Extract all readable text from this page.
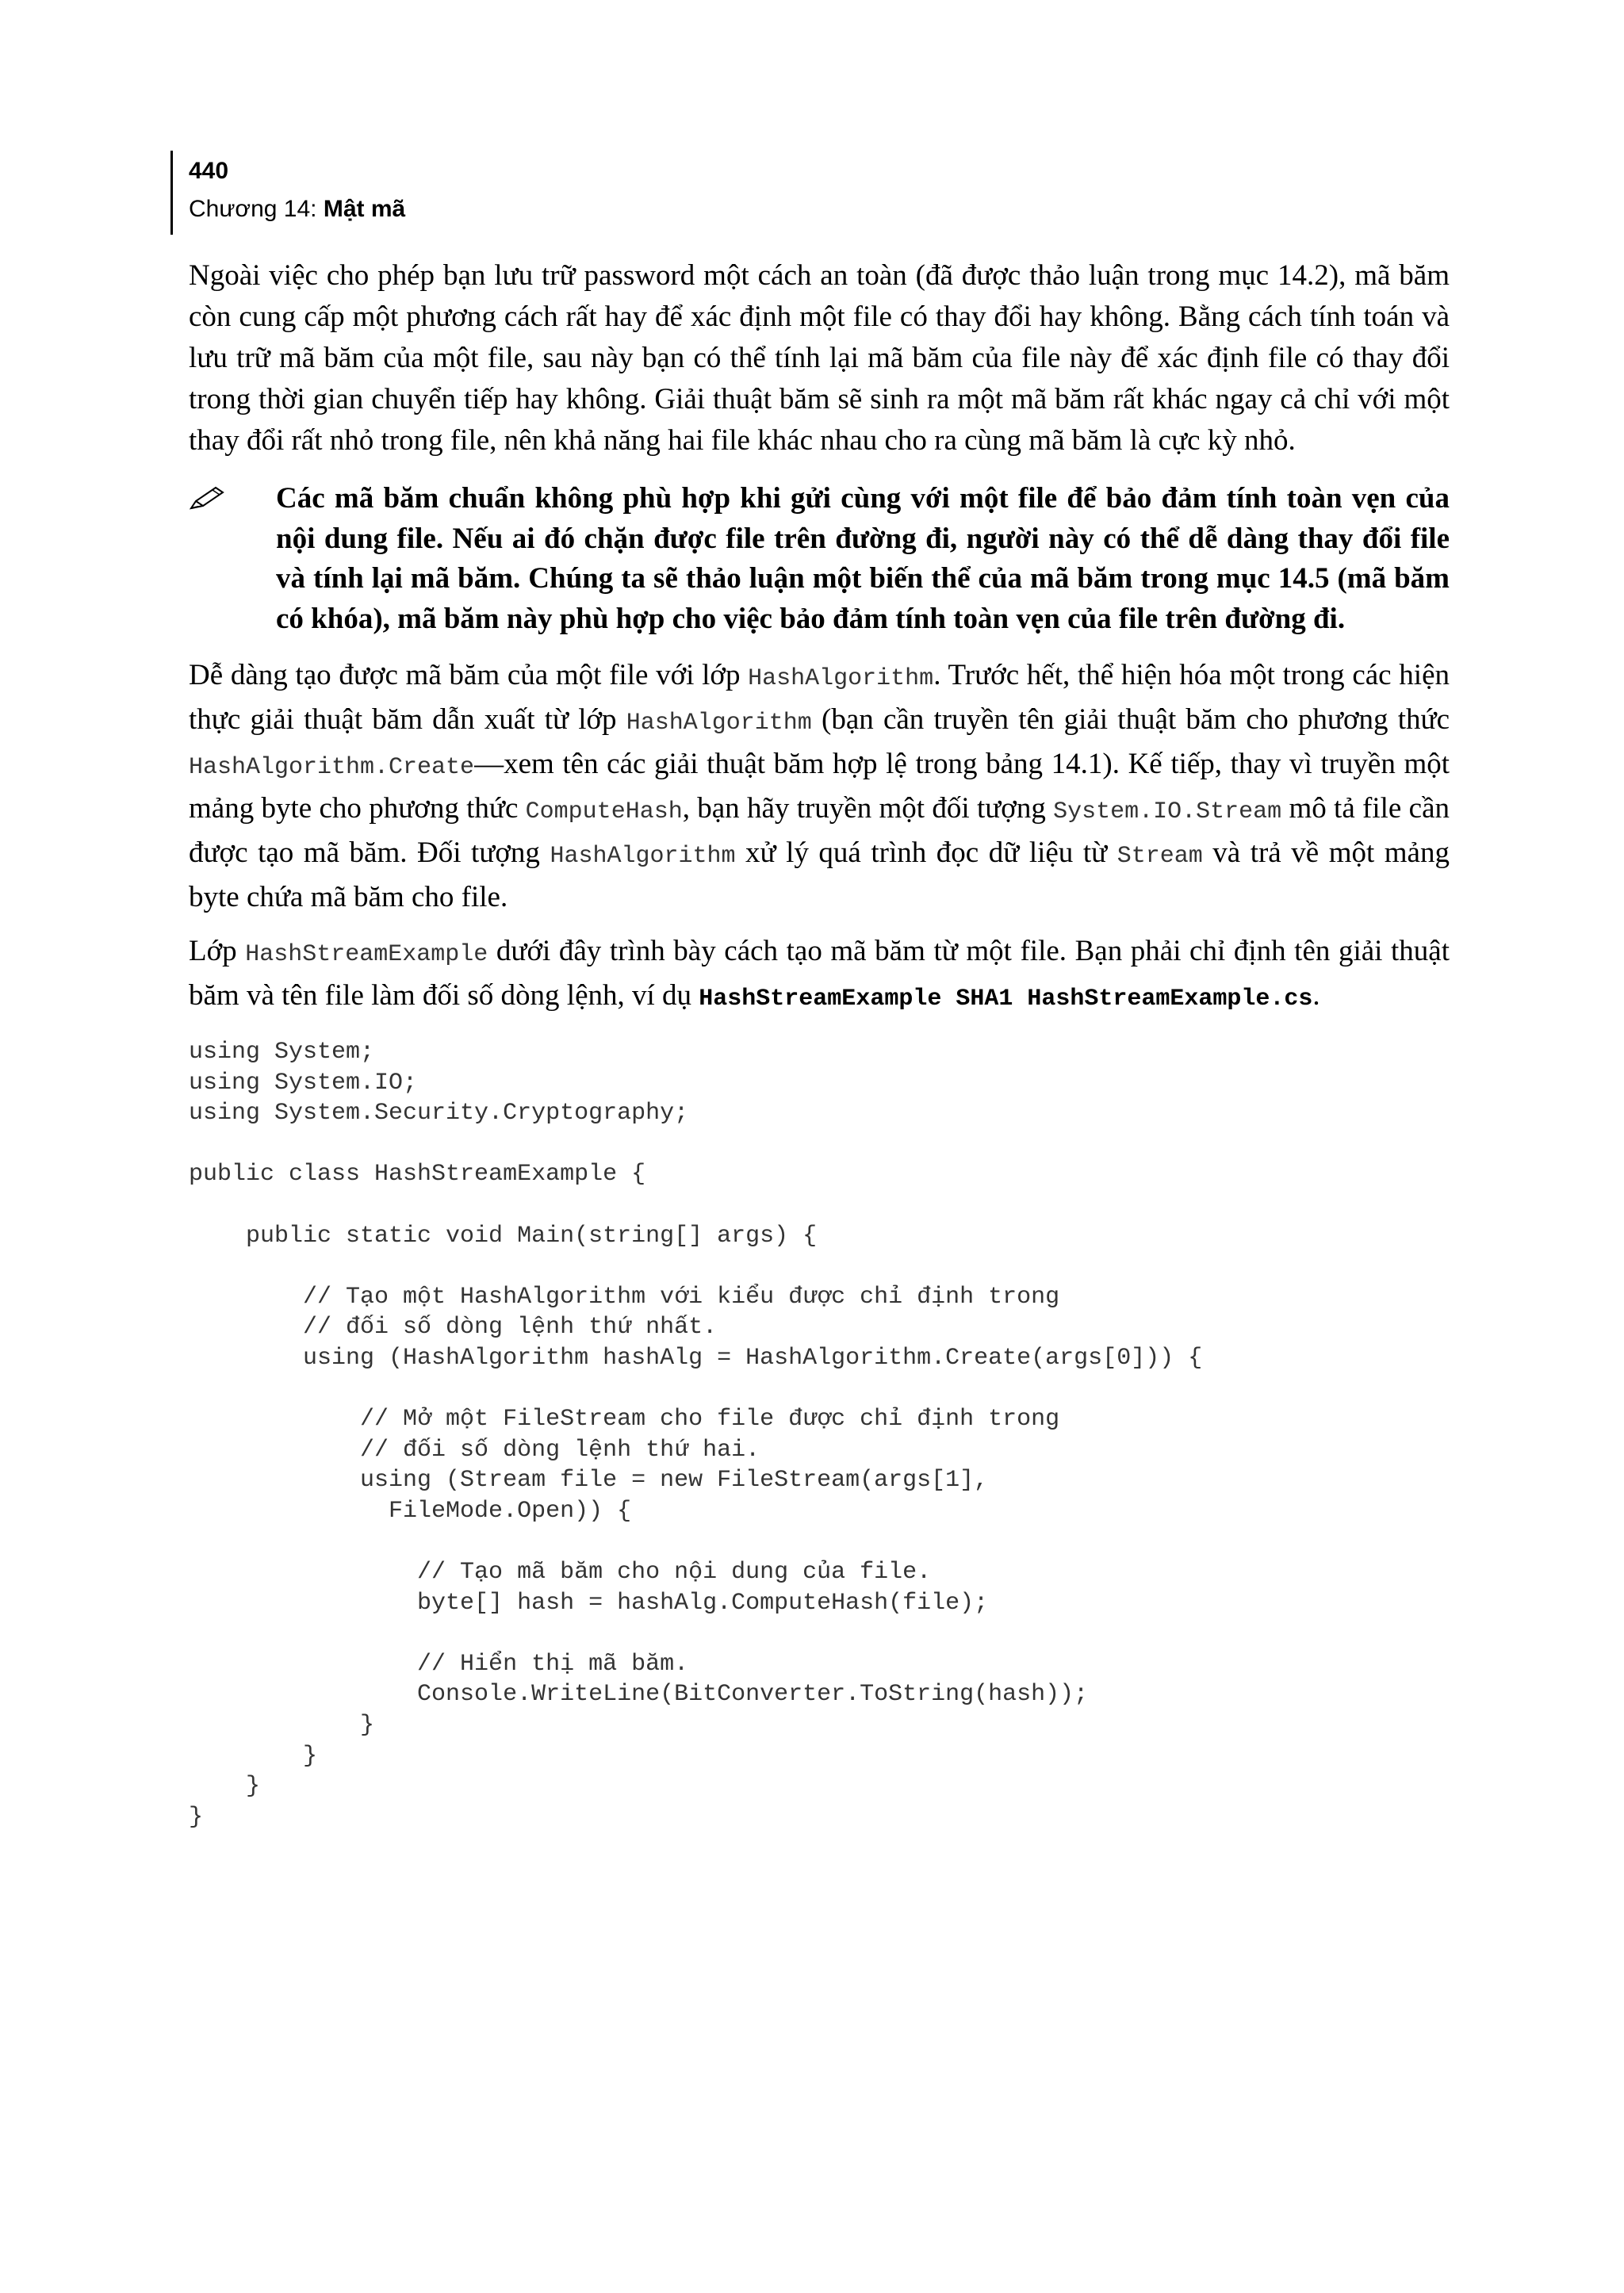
440
Chương 14: Mật mã

Ngoài việc cho phép bạn lưu trữ password một cách an toàn (đã được thảo luận trong mục 14.2), mã băm còn cung cấp một phương cách rất hay để xác định một file có thay đổi hay không. Bằng cách tính toán và lưu trữ mã băm của một file, sau này bạn có thể tính lại mã băm của file này để xác định file có thay đổi trong thời gian chuyển tiếp hay không. Giải thuật băm sẽ sinh ra một mã băm rất khác ngay cả chỉ với một thay đổi rất nhỏ trong file, nên khả năng hai file khác nhau cho ra cùng mã băm là cực kỳ nhỏ.

Các mã băm chuẩn không phù hợp khi gửi cùng với một file để bảo đảm tính toàn vẹn của nội dung file. Nếu ai đó chặn được file trên đường đi, người này có thể dễ dàng thay đổi file và tính lại mã băm. Chúng ta sẽ thảo luận một biến thể của mã băm trong mục 14.5 (mã băm có khóa), mã băm này phù hợp cho việc bảo đảm tính toàn vẹn của file trên đường đi.

Dễ dàng tạo được mã băm của một file với lớp HashAlgorithm. Trước hết, thể hiện hóa một trong các hiện thực giải thuật băm dẫn xuất từ lớp HashAlgorithm (bạn cần truyền tên giải thuật băm cho phương thức HashAlgorithm.Create—xem tên các giải thuật băm hợp lệ trong bảng 14.1). Kế tiếp, thay vì truyền một mảng byte cho phương thức ComputeHash, bạn hãy truyền một đối tượng System.IO.Stream mô tả file cần được tạo mã băm. Đối tượng HashAlgorithm xử lý quá trình đọc dữ liệu từ Stream và trả về một mảng byte chứa mã băm cho file.

Lớp HashStreamExample dưới đây trình bày cách tạo mã băm từ một file. Bạn phải chỉ định tên giải thuật băm và tên file làm đối số dòng lệnh, ví dụ HashStreamExample SHA1 HashStreamExample.cs.

using System;
using System.IO;
using System.Security.Cryptography;

public class HashStreamExample {

public static void Main(string[] args) {

// Tạo một HashAlgorithm với kiểu được chỉ định trong
// đối số dòng lệnh thứ nhất.
using (HashAlgorithm hashAlg = HashAlgorithm.Create(args[0])) {

// Mở một FileStream cho file được chỉ định trong
// đối số dòng lệnh thứ hai.
using (Stream file = new FileStream(args[1],
FileMode.Open)) {

// Tạo mã băm cho nội dung của file.
byte[] hash = hashAlg.ComputeHash(file);

// Hiển thị mã băm.
Console.WriteLine(BitConverter.ToString(hash));
}
}
}
}
